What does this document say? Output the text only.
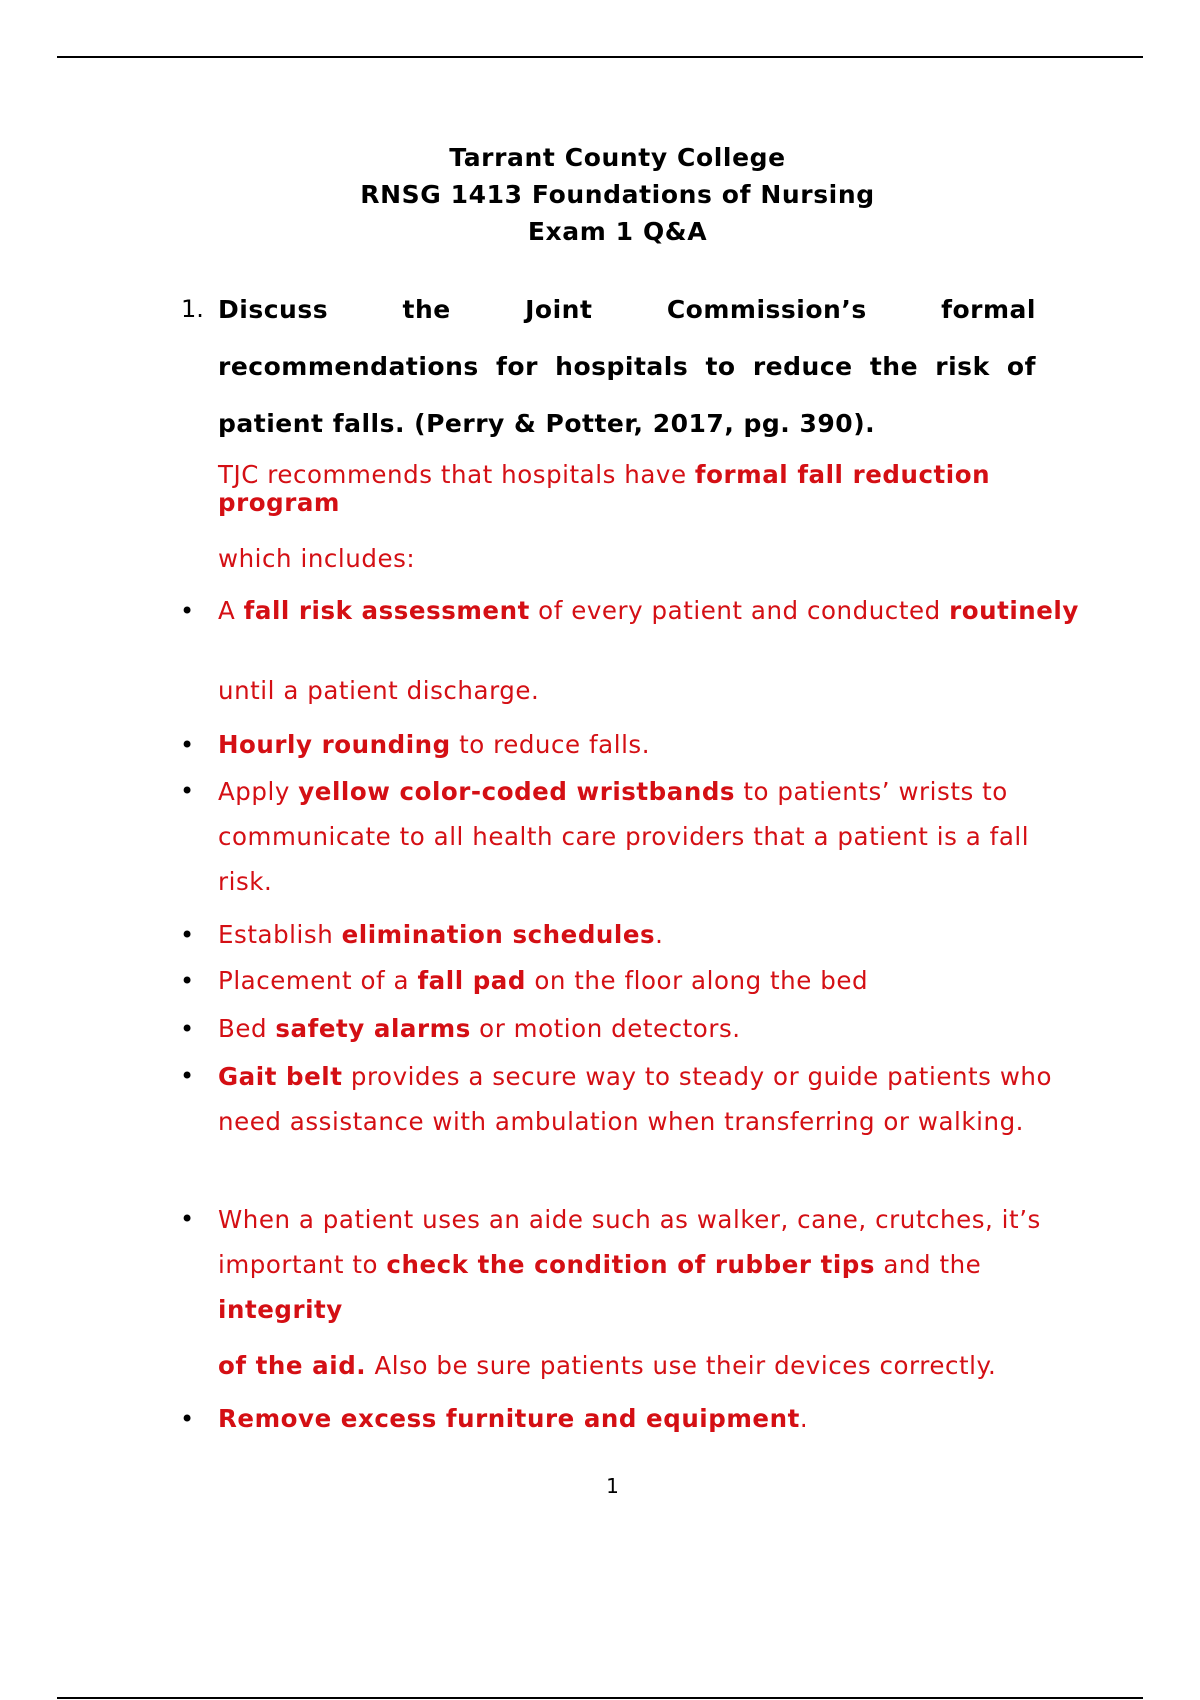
Tarrant County College
RNSG 1413 Foundations of Nursing
Exam 1 Q&A
1. Discuss the Joint Commission’s formal
recommendations for hospitals to reduce the risk of patient falls. (Perry & Potter, 2017, pg. 390).
TJC recommends that hospitals have formal fall reduction program
which includes:
• A fall risk assessment of every patient and conducted routinely
until a patient discharge.
• Hourly rounding to reduce falls.
• Apply yellow color-coded wristbands to patients’ wrists to communicate to all health care providers that a patient is a fall risk.
• Establish elimination schedules.
• Placement of a fall pad on the floor along the bed
• Bed safety alarms or motion detectors.
• Gait belt provides a secure way to steady or guide patients who need assistance with ambulation when transferring or walking.
• When a patient uses an aide such as walker, cane, crutches, it’s important to check the condition of rubber tips and the integrity
of the aid. Also be sure patients use their devices correctly.
• Remove excess furniture and equipment.
1
